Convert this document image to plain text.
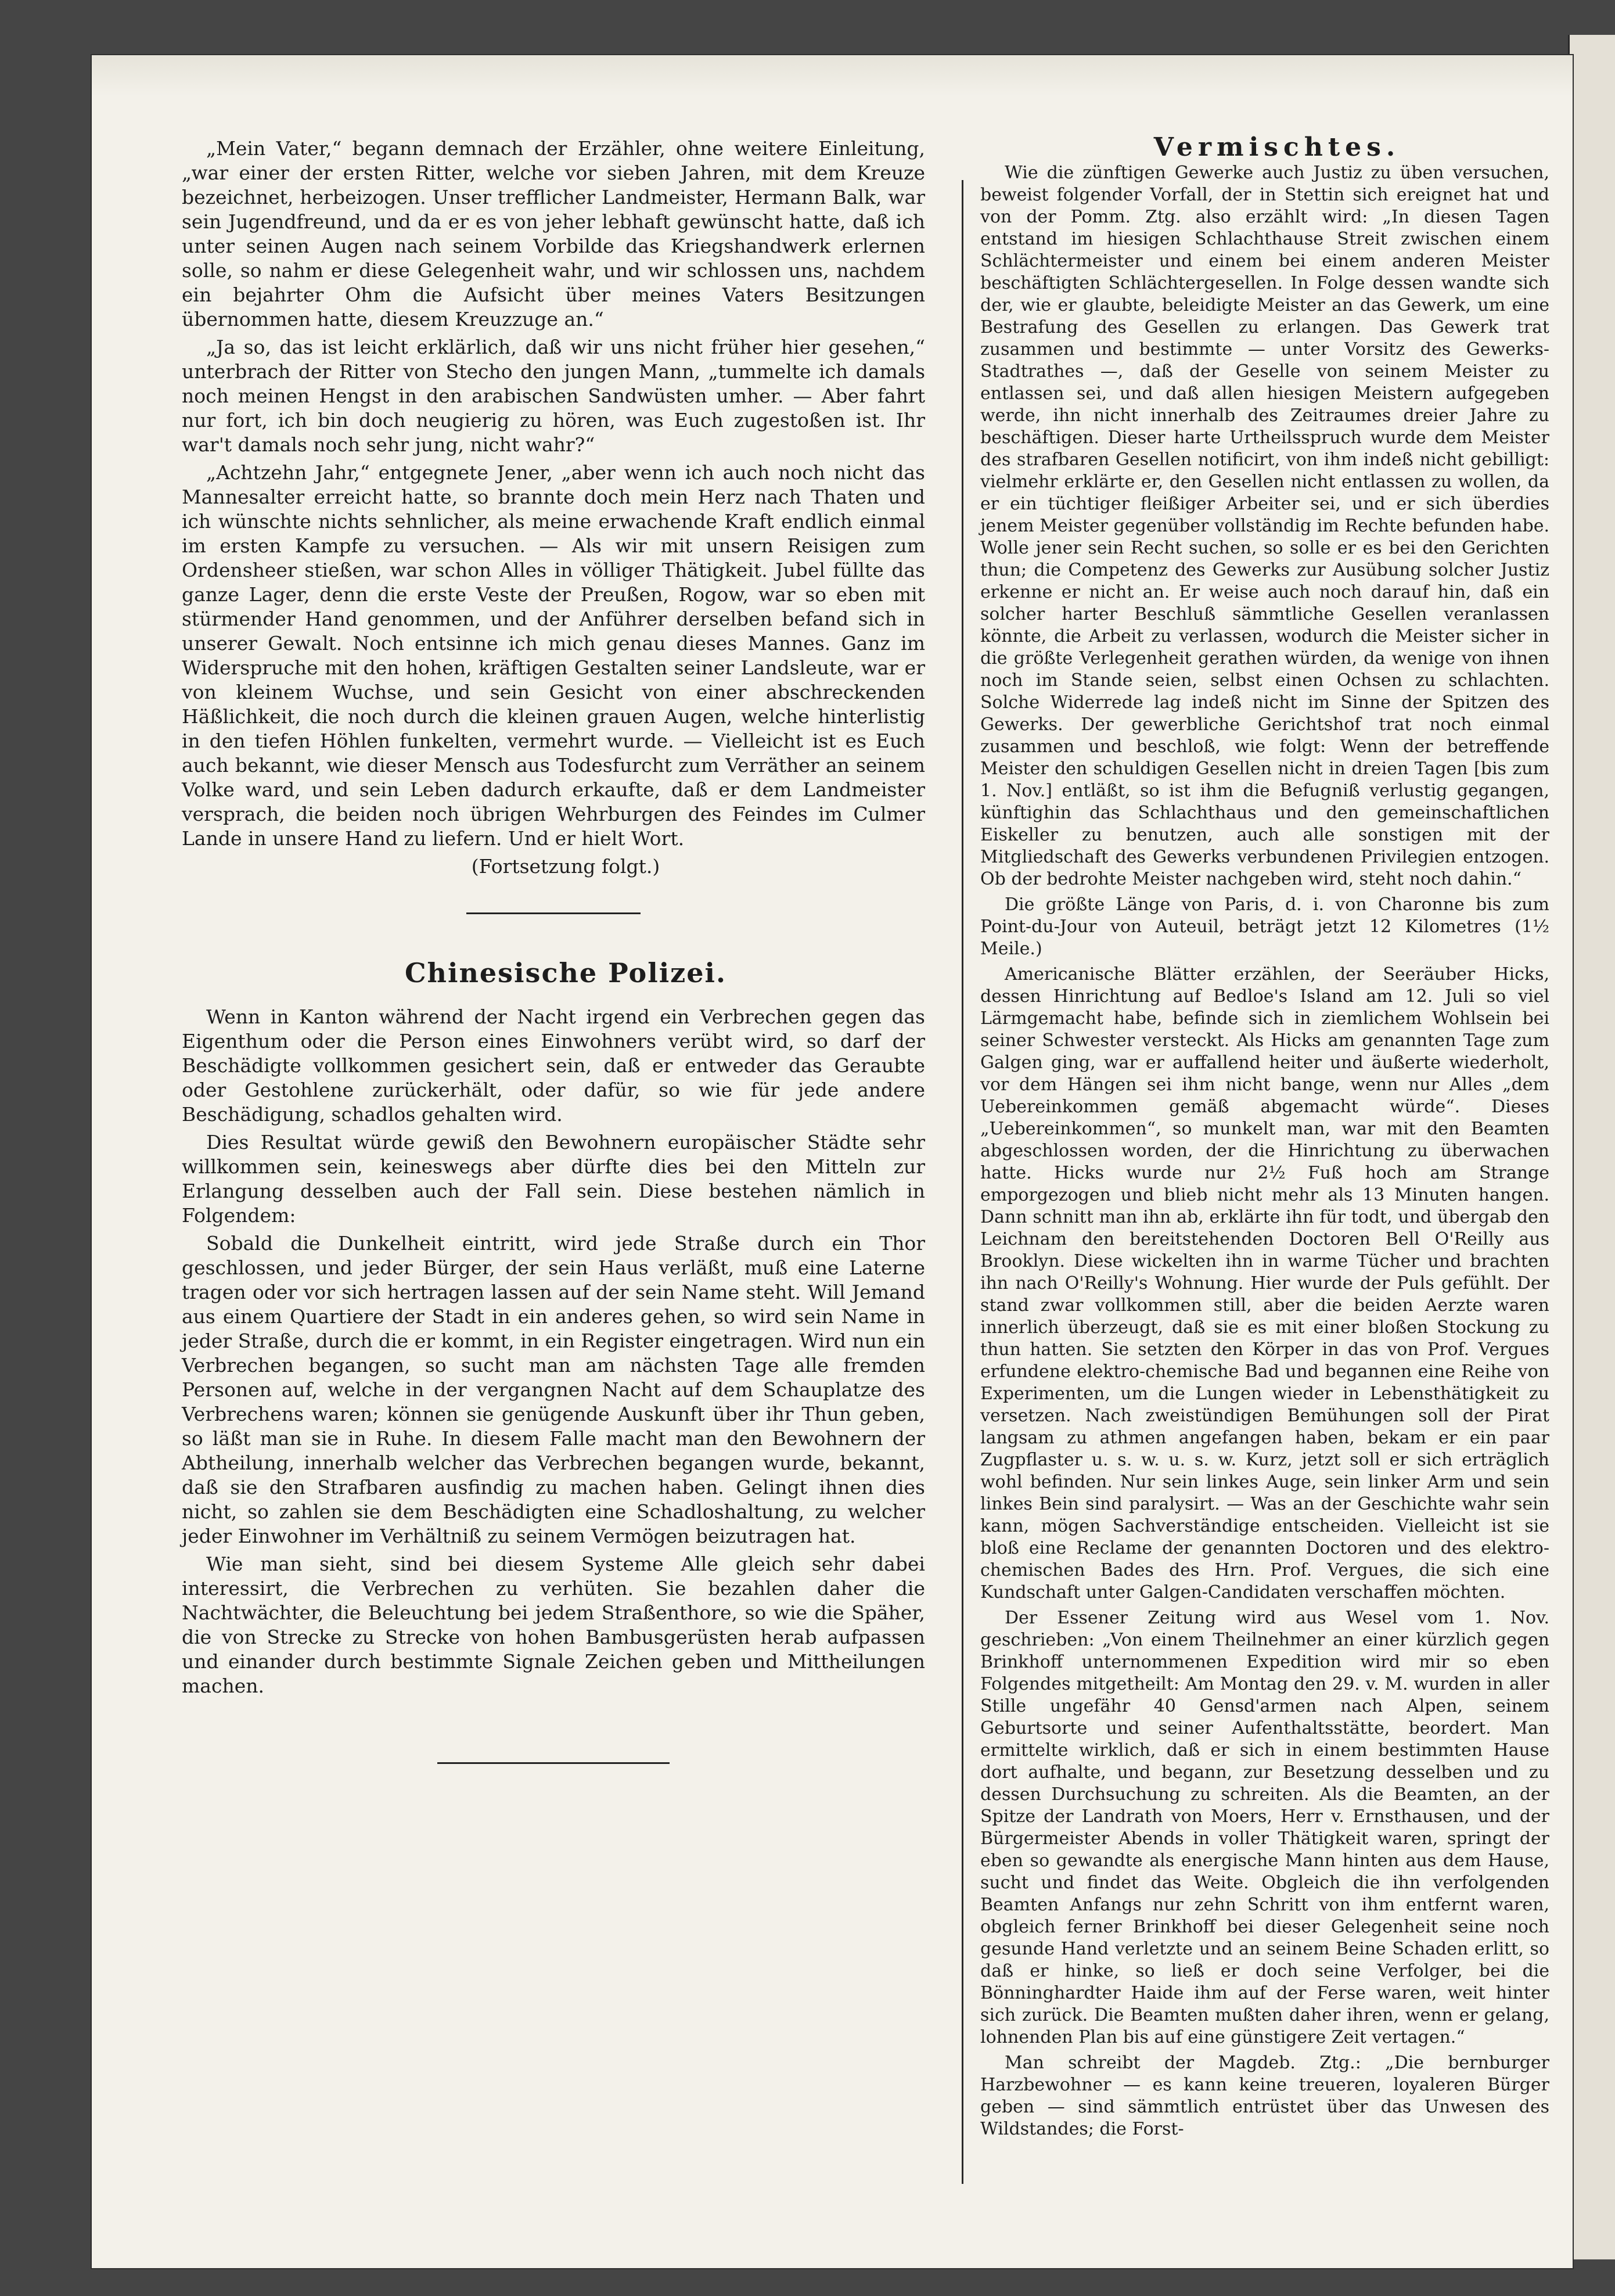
„Mein Vater,“ begann demnach der Erzähler, ohne weitere Einleitung, „war einer der ersten Ritter, welche vor sieben Jahren, mit dem Kreuze bezeichnet, herbeizogen. Unser trefflicher Landmeister, Hermann Balk, war sein Jugendfreund, und da er es von jeher lebhaft gewünscht hatte, daß ich unter seinen Augen nach seinem Vorbilde das Kriegshandwerk erlernen solle, so nahm er diese Gelegenheit wahr, und wir schlossen uns, nachdem ein bejahrter Ohm die Aufsicht über meines Vaters Besitzungen übernommen hatte, diesem Kreuzzuge an.“

„Ja so, das ist leicht erklärlich, daß wir uns nicht früher hier gesehen,“ unterbrach der Ritter von Stecho den jungen Mann, „tummelte ich damals noch meinen Hengst in den arabischen Sandwüsten umher. — Aber fahrt nur fort, ich bin doch neugierig zu hören, was Euch zugestoßen ist. Ihr war't damals noch sehr jung, nicht wahr?“

„Achtzehn Jahr,“ entgegnete Jener, „aber wenn ich auch noch nicht das Mannesalter erreicht hatte, so brannte doch mein Herz nach Thaten und ich wünschte nichts sehnlicher, als meine erwachende Kraft endlich einmal im ersten Kampfe zu versuchen. — Als wir mit unsern Reisigen zum Ordensheer stießen, war schon Alles in völliger Thätigkeit. Jubel füllte das ganze Lager, denn die erste Veste der Preußen, Rogow, war so eben mit stürmender Hand genommen, und der Anführer derselben befand sich in unserer Gewalt. Noch entsinne ich mich genau dieses Mannes. Ganz im Widerspruche mit den hohen, kräftigen Gestalten seiner Landsleute, war er von kleinem Wuchse, und sein Gesicht von einer abschreckenden Häßlichkeit, die noch durch die kleinen grauen Augen, welche hinterlistig in den tiefen Höhlen funkelten, vermehrt wurde. — Vielleicht ist es Euch auch bekannt, wie dieser Mensch aus Todesfurcht zum Verräther an seinem Volke ward, und sein Leben dadurch erkaufte, daß er dem Landmeister versprach, die beiden noch übrigen Wehrburgen des Feindes im Culmer Lande in unsere Hand zu liefern. Und er hielt Wort.

(Fortsetzung folgt.)

Chinesische Polizei.

Wenn in Kanton während der Nacht irgend ein Verbrechen gegen das Eigenthum oder die Person eines Einwohners verübt wird, so darf der Beschädigte vollkommen gesichert sein, daß er entweder das Geraubte oder Gestohlene zurückerhält, oder dafür, so wie für jede andere Beschädigung, schadlos gehalten wird.

Dies Resultat würde gewiß den Bewohnern europäischer Städte sehr willkommen sein, keineswegs aber dürfte dies bei den Mitteln zur Erlangung desselben auch der Fall sein. Diese bestehen nämlich in Folgendem:

Sobald die Dunkelheit eintritt, wird jede Straße durch ein Thor geschlossen, und jeder Bürger, der sein Haus verläßt, muß eine Laterne tragen oder vor sich hertragen lassen auf der sein Name steht. Will Jemand aus einem Quartiere der Stadt in ein anderes gehen, so wird sein Name in jeder Straße, durch die er kommt, in ein Register eingetragen. Wird nun ein Verbrechen begangen, so sucht man am nächsten Tage alle fremden Personen auf, welche in der vergangnen Nacht auf dem Schauplatze des Verbrechens waren; können sie genügende Auskunft über ihr Thun geben, so läßt man sie in Ruhe. In diesem Falle macht man den Bewohnern der Abtheilung, innerhalb welcher das Verbrechen begangen wurde, bekannt, daß sie den Strafbaren ausfindig zu machen haben. Gelingt ihnen dies nicht, so zahlen sie dem Beschädigten eine Schadloshaltung, zu welcher jeder Einwohner im Verhältniß zu seinem Vermögen beizutragen hat.

Wie man sieht, sind bei diesem Systeme Alle gleich sehr dabei interessirt, die Verbrechen zu verhüten. Sie bezahlen daher die Nachtwächter, die Beleuchtung bei jedem Straßenthore, so wie die Späher, die von Strecke zu Strecke von hohen Bambusgerüsten herab aufpassen und einander durch bestimmte Signale Zeichen geben und Mittheilungen machen.

Vermischtes.

Wie die zünftigen Gewerke auch Justiz zu üben versuchen, beweist folgender Vorfall, der in Stettin sich ereignet hat und von der Pomm. Ztg. also erzählt wird: „In diesen Tagen entstand im hiesigen Schlachthause Streit zwischen einem Schlächtermeister und einem bei einem anderen Meister beschäftigten Schlächtergesellen. In Folge dessen wandte sich der, wie er glaubte, beleidigte Meister an das Gewerk, um eine Bestrafung des Gesellen zu erlangen. Das Gewerk trat zusammen und bestimmte — unter Vorsitz des Gewerks-Stadtrathes —, daß der Geselle von seinem Meister zu entlassen sei, und daß allen hiesigen Meistern aufgegeben werde, ihn nicht innerhalb des Zeitraumes dreier Jahre zu beschäftigen. Dieser harte Urtheilsspruch wurde dem Meister des strafbaren Gesellen notificirt, von ihm indeß nicht gebilligt: vielmehr erklärte er, den Gesellen nicht entlassen zu wollen, da er ein tüchtiger fleißiger Arbeiter sei, und er sich überdies jenem Meister gegenüber vollständig im Rechte befunden habe. Wolle jener sein Recht suchen, so solle er es bei den Gerichten thun; die Competenz des Gewerks zur Ausübung solcher Justiz erkenne er nicht an. Er weise auch noch darauf hin, daß ein solcher harter Beschluß sämmtliche Gesellen veranlassen könnte, die Arbeit zu verlassen, wodurch die Meister sicher in die größte Verlegenheit gerathen würden, da wenige von ihnen noch im Stande seien, selbst einen Ochsen zu schlachten. Solche Widerrede lag indeß nicht im Sinne der Spitzen des Gewerks. Der gewerbliche Gerichtshof trat noch einmal zusammen und beschloß, wie folgt: Wenn der betreffende Meister den schuldigen Gesellen nicht in dreien Tagen [bis zum 1. Nov.] entläßt, so ist ihm die Befugniß verlustig gegangen, künftighin das Schlachthaus und den gemeinschaftlichen Eiskeller zu benutzen, auch alle sonstigen mit der Mitgliedschaft des Gewerks verbundenen Privilegien entzogen. Ob der bedrohte Meister nachgeben wird, steht noch dahin.“

Die größte Länge von Paris, d. i. von Charonne bis zum Point-du-Jour von Auteuil, beträgt jetzt 12 Kilometres (1½ Meile.)

Americanische Blätter erzählen, der Seeräuber Hicks, dessen Hinrichtung auf Bedloe's Island am 12. Juli so viel Lärmgemacht habe, befinde sich in ziemlichem Wohlsein bei seiner Schwester versteckt. Als Hicks am genannten Tage zum Galgen ging, war er auffallend heiter und äußerte wiederholt, vor dem Hängen sei ihm nicht bange, wenn nur Alles „dem Uebereinkommen gemäß abgemacht würde“. Dieses „Uebereinkommen“, so munkelt man, war mit den Beamten abgeschlossen worden, der die Hinrichtung zu überwachen hatte. Hicks wurde nur 2½ Fuß hoch am Strange emporgezogen und blieb nicht mehr als 13 Minuten hangen. Dann schnitt man ihn ab, erklärte ihn für todt, und übergab den Leichnam den bereitstehenden Doctoren Bell O'Reilly aus Brooklyn. Diese wickelten ihn in warme Tücher und brachten ihn nach O'Reilly's Wohnung. Hier wurde der Puls gefühlt. Der stand zwar vollkommen still, aber die beiden Aerzte waren innerlich überzeugt, daß sie es mit einer bloßen Stockung zu thun hatten. Sie setzten den Körper in das von Prof. Vergues erfundene elektro-chemische Bad und begannen eine Reihe von Experimenten, um die Lungen wieder in Lebensthätigkeit zu versetzen. Nach zweistündigen Bemühungen soll der Pirat langsam zu athmen angefangen haben, bekam er ein paar Zugpflaster u. s. w. u. s. w. Kurz, jetzt soll er sich erträglich wohl befinden. Nur sein linkes Auge, sein linker Arm und sein linkes Bein sind paralysirt. — Was an der Geschichte wahr sein kann, mögen Sachverständige entscheiden. Vielleicht ist sie bloß eine Reclame der genannten Doctoren und des elektro-chemischen Bades des Hrn. Prof. Vergues, die sich eine Kundschaft unter Galgen-Candidaten verschaffen möchten.

Der Essener Zeitung wird aus Wesel vom 1. Nov. geschrieben: „Von einem Theilnehmer an einer kürzlich gegen Brinkhoff unternommenen Expedition wird mir so eben Folgendes mitgetheilt: Am Montag den 29. v. M. wurden in aller Stille ungefähr 40 Gensd'armen nach Alpen, seinem Geburtsorte und seiner Aufenthaltsstätte, beordert. Man ermittelte wirklich, daß er sich in einem bestimmten Hause dort aufhalte, und begann, zur Besetzung desselben und zu dessen Durchsuchung zu schreiten. Als die Beamten, an der Spitze der Landrath von Moers, Herr v. Ernsthausen, und der Bürgermeister Abends in voller Thätigkeit waren, springt der eben so gewandte als energische Mann hinten aus dem Hause, sucht und findet das Weite. Obgleich die ihn verfolgenden Beamten Anfangs nur zehn Schritt von ihm entfernt waren, obgleich ferner Brinkhoff bei dieser Gelegenheit seine noch gesunde Hand verletzte und an seinem Beine Schaden erlitt, so daß er hinke, so ließ er doch seine Verfolger, bei die Bönninghardter Haide ihm auf der Ferse waren, weit hinter sich zurück. Die Beamten mußten daher ihren, wenn er gelang, lohnenden Plan bis auf eine günstigere Zeit vertagen.“

Man schreibt der Magdeb. Ztg.: „Die bernburger Harzbewohner — es kann keine treueren, loyaleren Bürger geben — sind sämmtlich entrüstet über das Unwesen des Wildstandes; die Forst-
